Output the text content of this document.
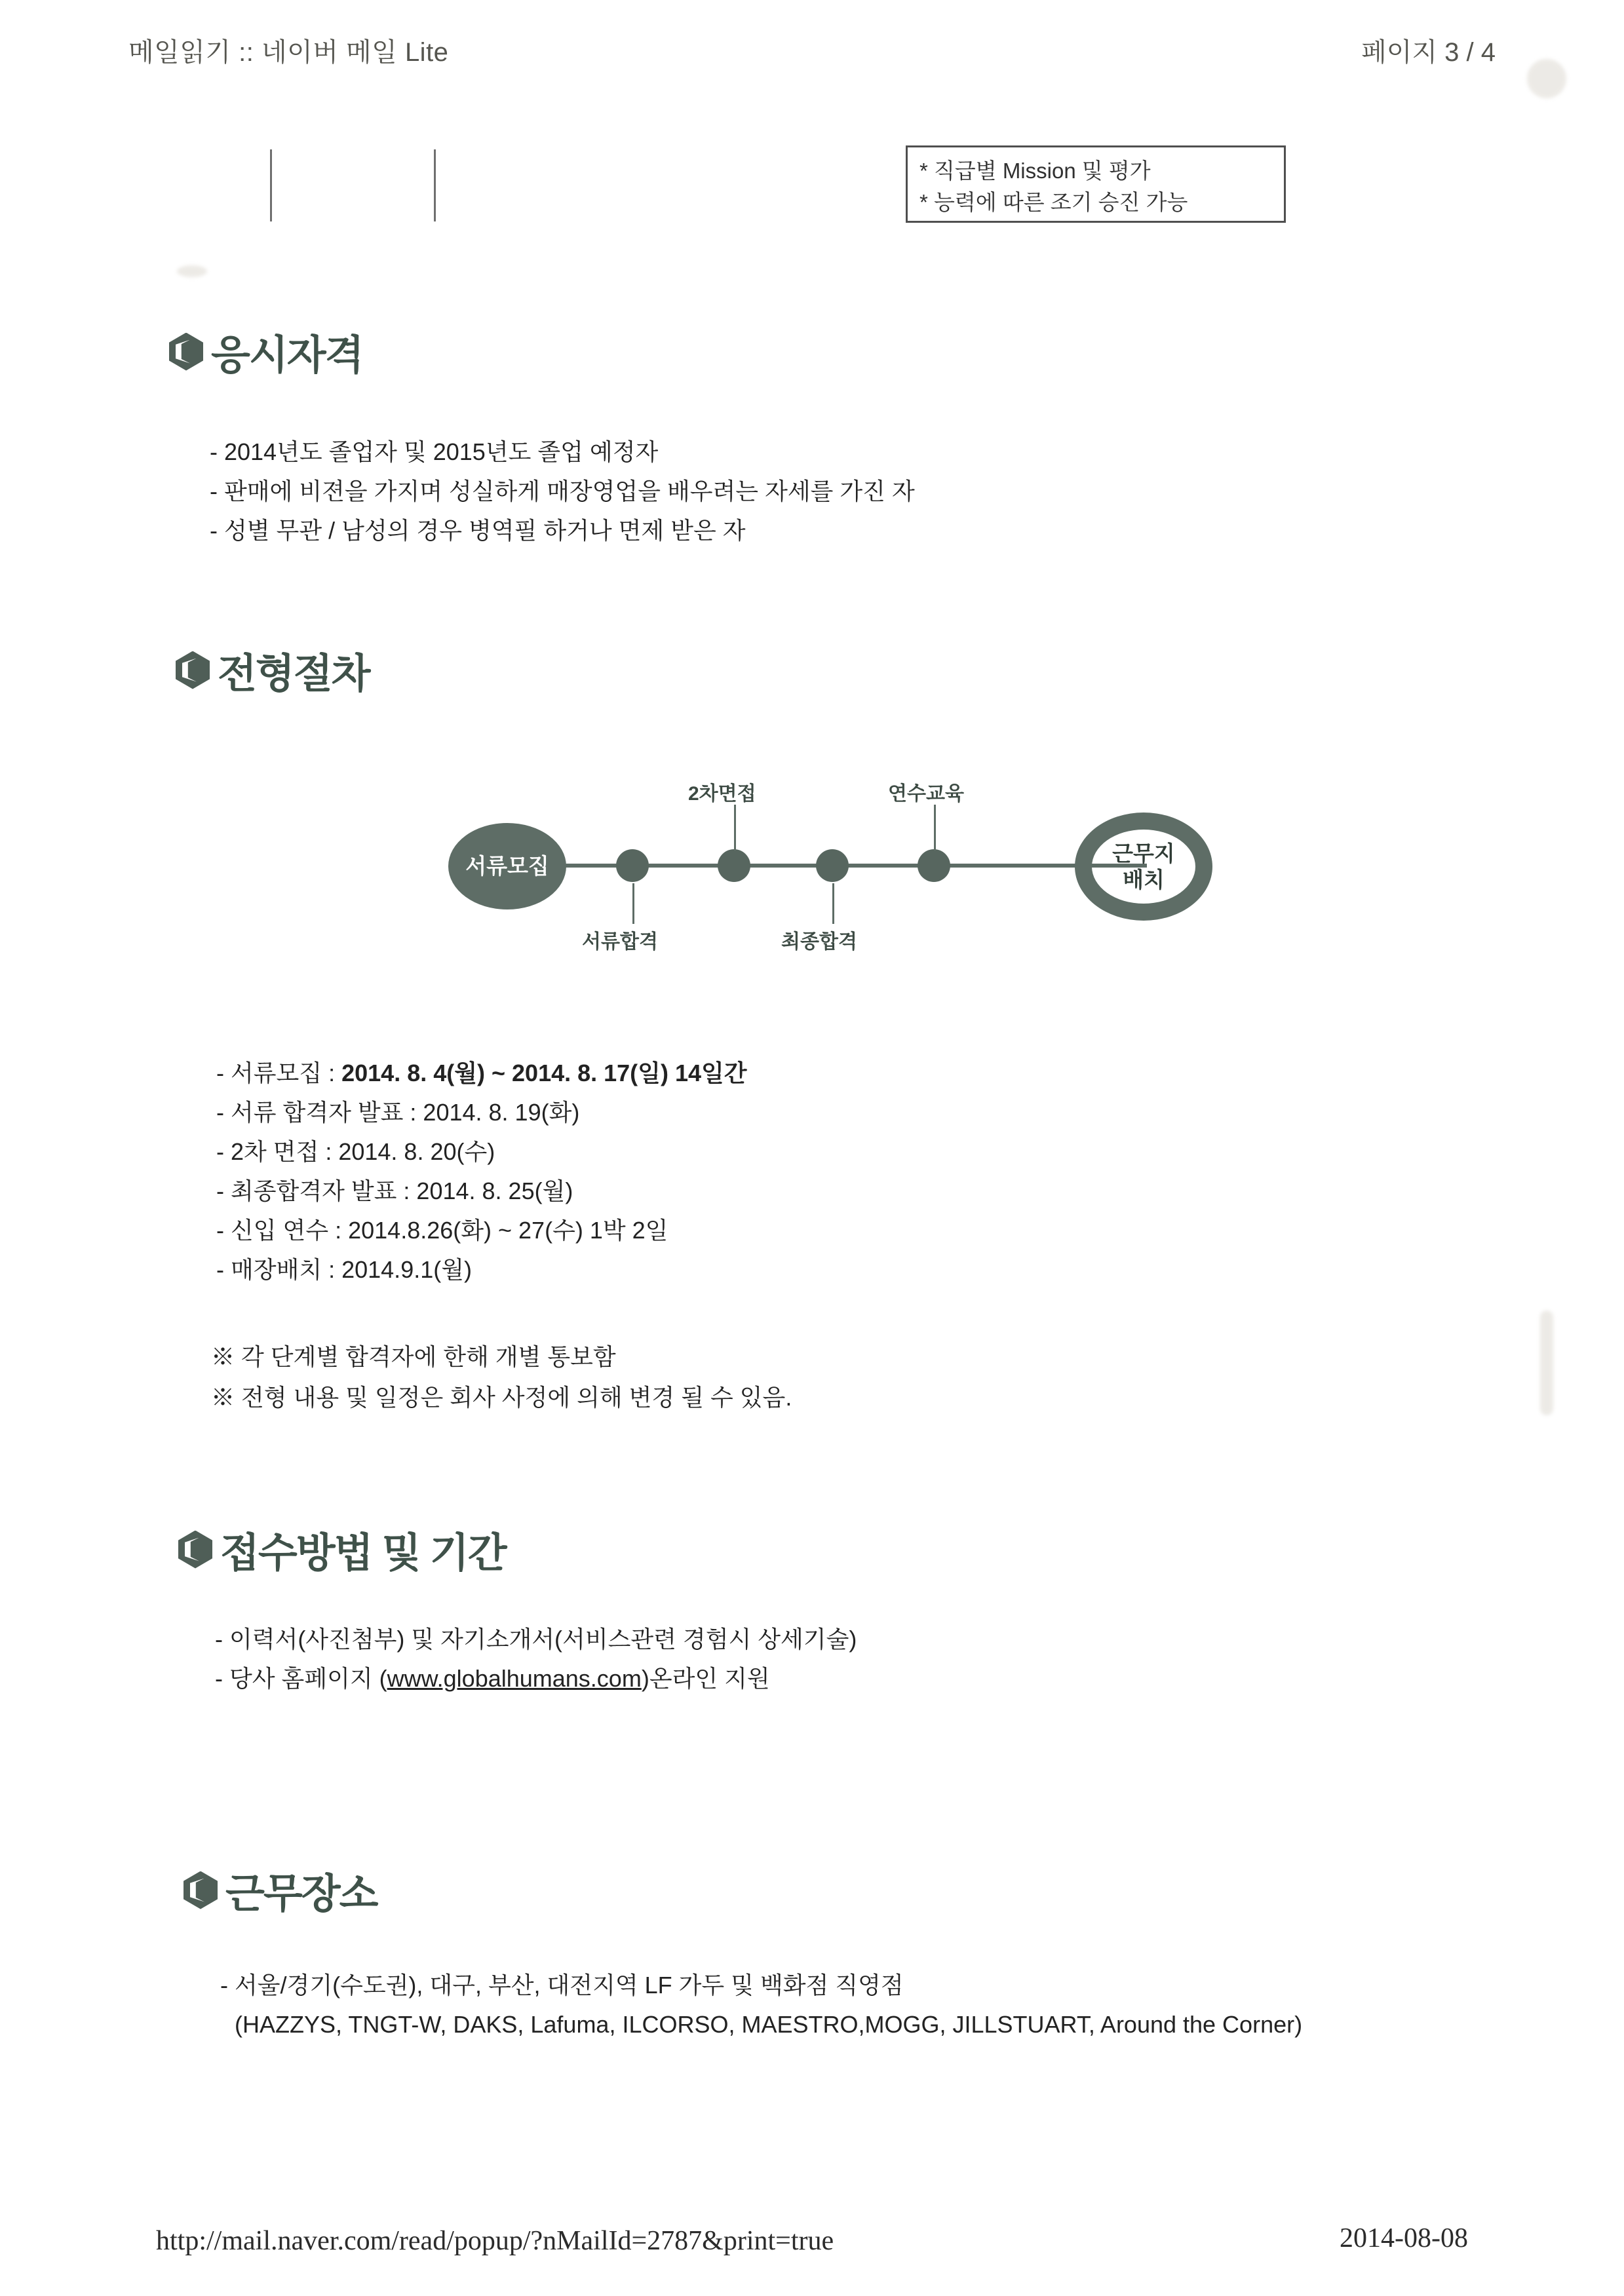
메일읽기 :: 네이버 메일 Lite	페이지 3 / 4
* 직급별 Mission 및 평가
* 능력에 따른 조기 승진 가능
응시자격
- 2014년도 졸업자 및 2015년도 졸업 예정자
- 판매에 비젼을 가지며 성실하게 매장영업을 배우려는 자세를 가진 자
- 성별 무관 / 남성의 경우 병역필 하거나 면제 받은 자
전형절차
서류모집
2차면접	연수교육
서류합격	최종합격
근무지
배치
- 서류모집 : 2014. 8. 4(월) ~ 2014. 8. 17(일) 14일간
- 서류 합격자 발표 : 2014. 8. 19(화)
- 2차 면접 : 2014. 8. 20(수)
- 최종합격자 발표 : 2014. 8. 25(월)
- 신입 연수 : 2014.8.26(화) ~ 27(수) 1박 2일
- 매장배치 : 2014.9.1(월)
※ 각 단계별 합격자에 한해 개별 통보함
※ 전형 내용 및 일정은 회사 사정에 의해 변경 될 수 있음.
접수방법 및 기간
- 이력서(사진첨부) 및 자기소개서(서비스관련 경험시 상세기술)
- 당사 홈페이지 (www.globalhumans.com)온라인 지원
근무장소
- 서울/경기(수도권), 대구, 부산, 대전지역 LF 가두 및 백화점 직영점
(HAZZYS, TNGT-W, DAKS, Lafuma, ILCORSO, MAESTRO,MOGG, JILLSTUART, Around the Corner)
http://mail.naver.com/read/popup/?nMailId=2787&print=true	2014-08-08
